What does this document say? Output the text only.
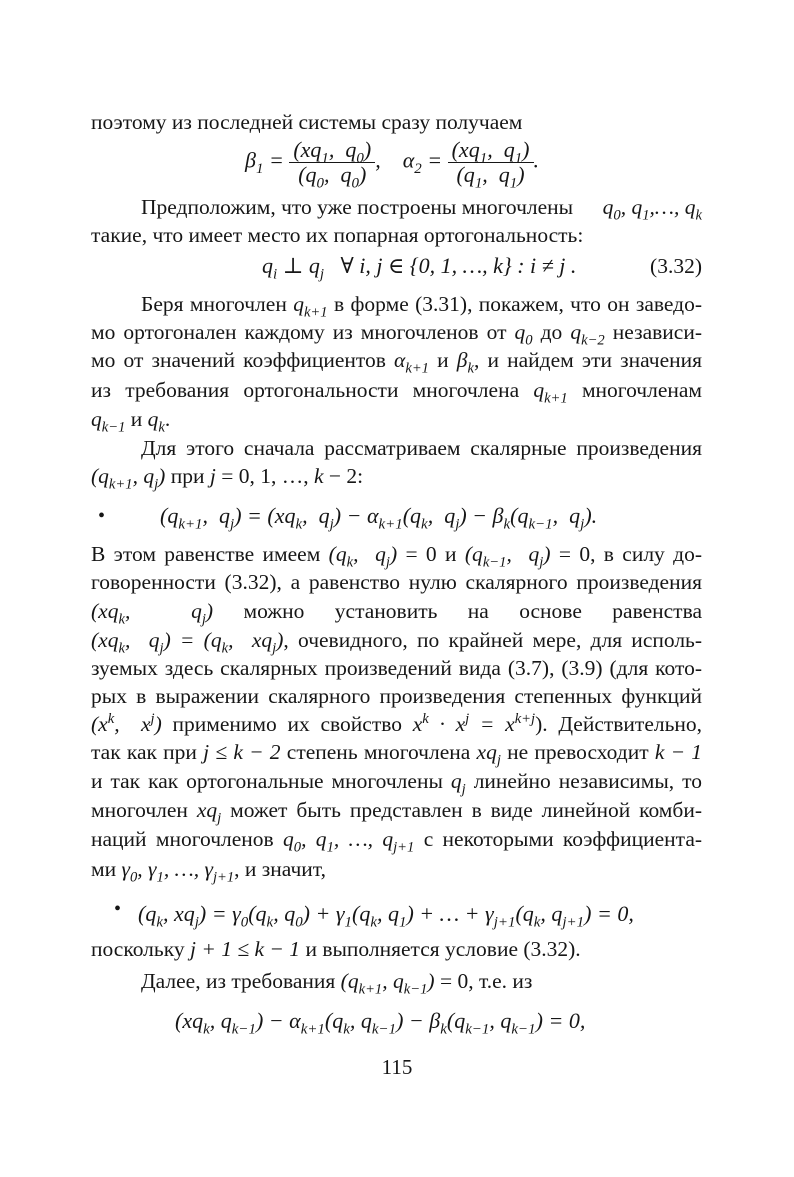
поэтому из последней системы сразу получаем
$\beta_1 = \frac{(xq_1, q_0)}{(q_0, q_0)}$ ,    $\alpha_2 = \frac{(xq_1, q_1)}{(q_1, q_1)}$ .
Предположим, что уже построены многочлены $q_0$, $q_1,\dots$, $q_k$
такие, что имеет место их попарная ортогональность:
$q_i$ ⊥ $q_j$   ∀ i, j ∈ {0, 1, …, k} : i ≠ j .	(3.32)
Беря многочлен $q_{k+1}$ в форме (3.31), покажем, что он заведо-
мо ортогонален каждому из многочленов от $q_0$ до $q_{k-2}$ независи-
мо от значений коэффициентов $\alpha_{k+1}$ и $\beta_k$, и найдем эти значения
из требования ортогональности многочлена $q_{k+1}$ многочленам
$q_{k-1}$ и $q_k$.
Для этого сначала рассматриваем скалярные произведения
($q_{k+1}$, $q_j$) при j = 0, 1, …, k − 2:
• ($q_{k+1}$,  $q_j) = (xq_k$,  $q_j) - \alpha_{k+1}(q_k$,  $q_j) - \beta_k(q_{k-1}$,  $q_j$).
В этом равенстве имеем ($q_k$,  $q_j) = 0$ и ($q_{k-1}$,  $q_j) = 0$, в силу до-
говоренности (3.32), а равенство нулю скалярного произведения
($xq_k$,  $q_j$) можно установить на основе равенства
($xq_k$,  $q_j) = (q_k$,  $xq_j$), очевидного, по крайней мере, для исполь-
зуемых здесь скалярных произведений вида (3.7), (3.9) (для кото-
рых в выражении скалярного произведения степенных функций
($x^k$,  $x^j$) применимо их свойство $x^k \cdot x^j = x^{k+j}$). Действительно,
так как при j ≤ k − 2 степень многочлена $xq_j$ не превосходит k − 1
и так как ортогональные многочлены $q_j$ линейно независимы, то
многочлен $xq_j$ может быть представлен в виде линейной комби-
наций многочленов $q_0$, $q_1$, …, $q_{j+1}$ с некоторыми коэффициента-
ми $\gamma_0$, $\gamma_1$, …, $\gamma_{j+1}$, и значит,
• ($q_k$, $xq_j) = \gamma_0(q_k$, $q_0) + \gamma_1(q_k$, $q_1$) + … + $\gamma_{j+1}(q_k$, $q_{j+1}) = 0$,
поскольку j + 1 ≤ k − 1 и выполняется условие (3.32).
Далее, из требования ($q_{k+1}$, $q_{k-1}) = 0$, т.е. из
($xq_k$, $q_{k-1}) - \alpha_{k+1}(q_k$, $q_{k-1}) - \beta_k(q_{k-1}$, $q_{k-1}) = 0$,
115
